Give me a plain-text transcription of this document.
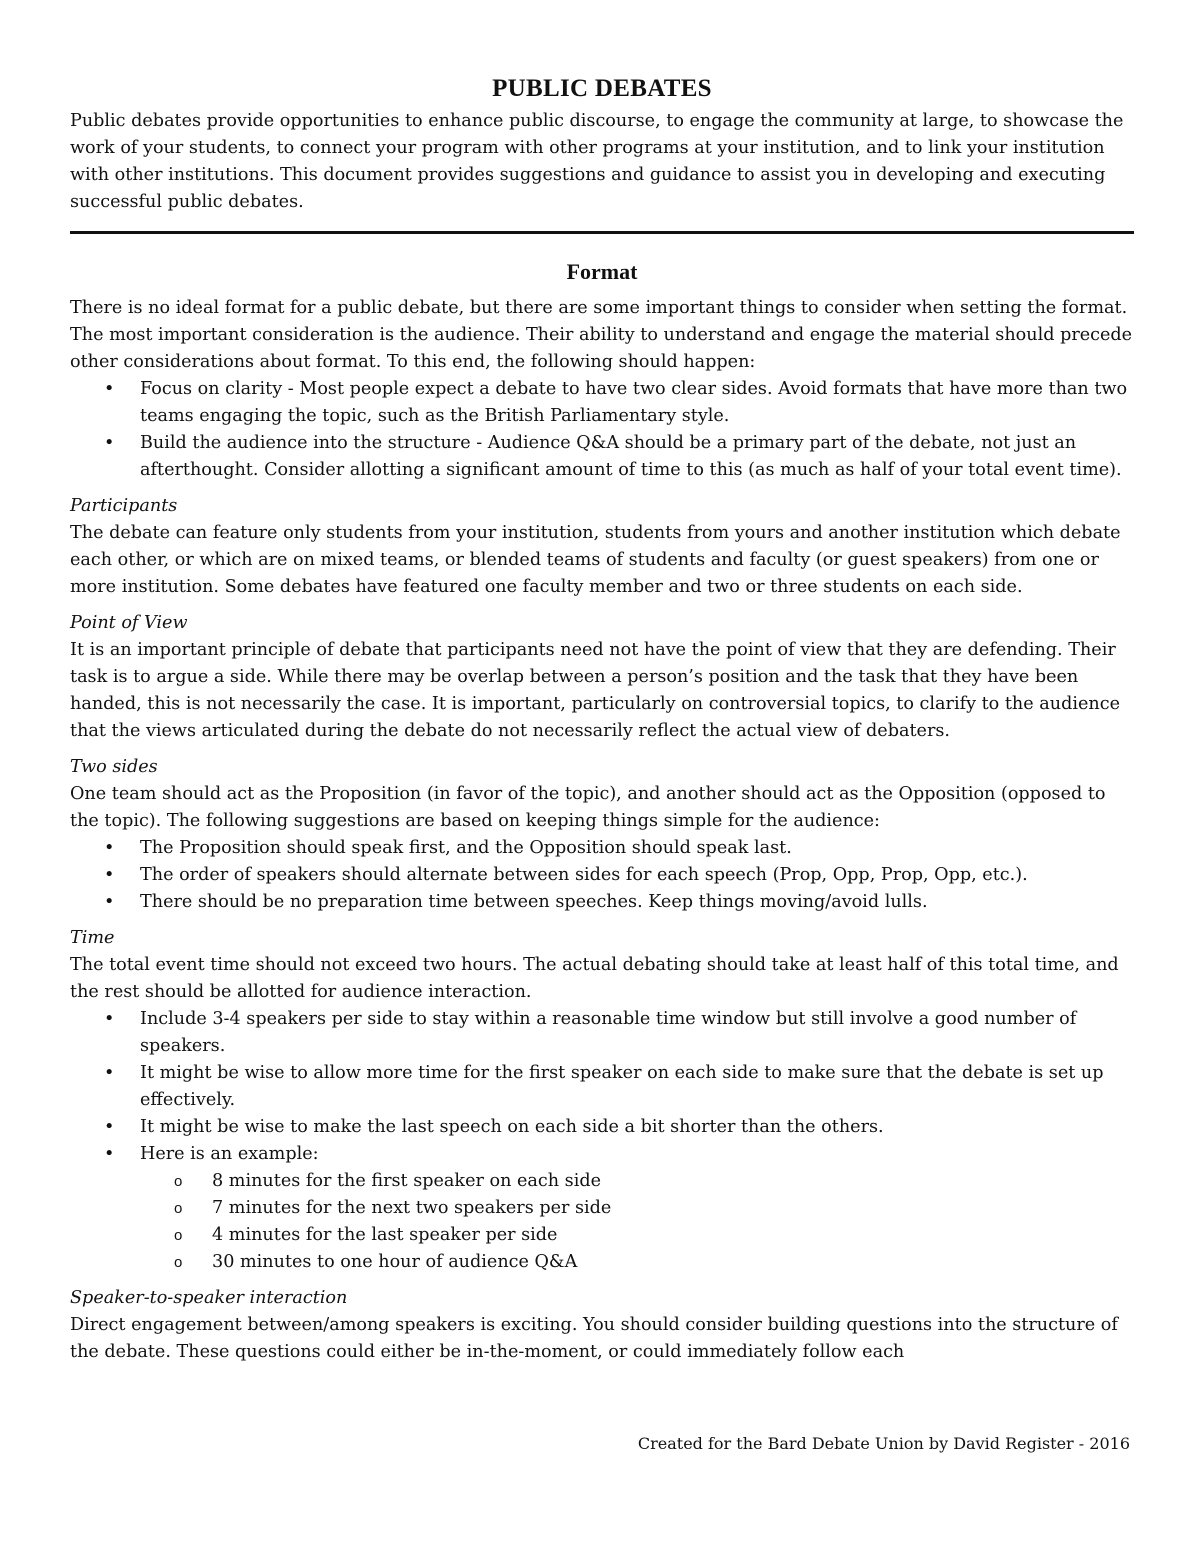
PUBLIC DEBATES

Public debates provide opportunities to enhance public discourse, to engage the community at large, to showcase the work of your students, to connect your program with other programs at your institution, and to link your institution with other institutions. This document provides suggestions and guidance to assist you in developing and executing successful public debates.

Format

There is no ideal format for a public debate, but there are some important things to consider when setting the format. The most important consideration is the audience. Their ability to understand and engage the material should precede other considerations about format. To this end, the following should happen:

• Focus on clarity - Most people expect a debate to have two clear sides. Avoid formats that have more than two teams engaging the topic, such as the British Parliamentary style.
• Build the audience into the structure - Audience Q&A should be a primary part of the debate, not just an afterthought. Consider allotting a significant amount of time to this (as much as half of your total event time).
Participants

The debate can feature only students from your institution, students from yours and another institution which debate each other, or which are on mixed teams, or blended teams of students and faculty (or guest speakers) from one or more institution. Some debates have featured one faculty member and two or three students on each side.

Point of View

It is an important principle of debate that participants need not have the point of view that they are defending. Their task is to argue a side. While there may be overlap between a person’s position and the task that they have been handed, this is not necessarily the case. It is important, particularly on controversial topics, to clarify to the audience that the views articulated during the debate do not necessarily reflect the actual view of debaters.

Two sides

One team should act as the Proposition (in favor of the topic), and another should act as the Opposition (opposed to the topic). The following suggestions are based on keeping things simple for the audience:

• The Proposition should speak first, and the Opposition should speak last.
• The order of speakers should alternate between sides for each speech (Prop, Opp, Prop, Opp, etc.).
• There should be no preparation time between speeches. Keep things moving/avoid lulls.
Time

The total event time should not exceed two hours. The actual debating should take at least half of this total time, and the rest should be allotted for audience interaction.

• Include 3-4 speakers per side to stay within a reasonable time window but still involve a good number of speakers.
• It might be wise to allow more time for the first speaker on each side to make sure that the debate is set up effectively.
• It might be wise to make the last speech on each side a bit shorter than the others.
• Here is an example:
o 8 minutes for the first speaker on each side
o 7 minutes for the next two speakers per side
o 4 minutes for the last speaker per side
o 30 minutes to one hour of audience Q&A
Speaker-to-speaker interaction

Direct engagement between/among speakers is exciting. You should consider building questions into the structure of the debate. These questions could either be in-the-moment, or could immediately follow each

Created for the Bard Debate Union by David Register - 2016
